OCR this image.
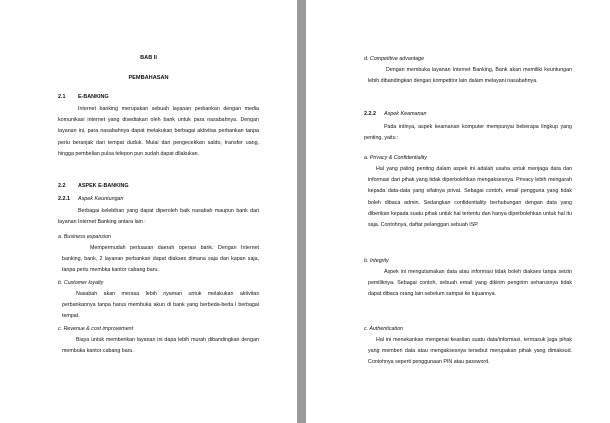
BAB II

PEMBAHASAN

2.1 E-BANKING

Internet banking merupakan sebuah layanan perbankan dengan media komunikasi internet yang disediakan oleh bank untuk para nasabahnya. Dengan layanan ini, para nasabahnya dapat melakukan berbagai aktivitas perbankan tanpa perlu beranjak dari tempat duduk. Mulai dari pengecekkan saldo, transfer uang, hingga pembelian pulsa telepon pun sudah dapat dilakukan.

2.2 ASPEK E-BANKING

2.2.1 Aspek Keuntungan

Berbagai kelebihan yang dapat diperoleh baik nasabah maupun bank dari layanan Internet Banking antara lain :

a. Business expansion

Mempermudah perluasan daerah operasi bank. Dengan Internet banking, bank, 2 layanan perbankan dapat diakses dimana saja dan kapan saja, tanpa perlu membka kantor cabang baru.

b. Customer loyalty

Nasabah akan merasa lebih nyaman untuk melakukan aktivitas perbankannya tanpa harus membuka akun di bank yang berbeda-beda l berbagai tempat.

c. Revenue & cost improvement

Biaya untuk memberikan layanan ini dapa lebih murah dibandingkan dengan membuka kantor cabang baru.

d. Competitive advantage

Dengan membuka layanan Internet Banking, Bank akan memiliki keuntungan lebih dibandingkan dengan kompetitor lain dalam melayani nasabahnya.

2.2.2 Aspek Keamanan

Pada intinya, aspek keamanan komputer mempunyai beberapa lingkup yang penting, yaitu :

a. Privacy & Confidentiality

Hal yang paling penting dalam aspek ini adalah usaha untuk menjaga data dan informasi dari pihak yang tidak diperbolehkan mengaksesnya. Privacy lebih mengarah kepada data-data yang sifatnya privat. Sebagai contoh, email pengguna yang tidak boleh dibaca admin. Sedangkan confidentiality berhubungan dengan data yang diberikan kepada suatu pihak untuk hal tertentu dan hanya diperbolehkan untuk hal itu saja. Contohnya, daftar pelanggan sebuah ISP.

b. Integrity

Aspek ini mengutamakan data atau informasi tidak boleh diakses tanpa seizin pemiliknya. Sebagai contoh, sebuah email yang dikirim pengirim seharusnya tidak dapat dibaca orang lain sebelum sampai ke tujuannya.

c. Authentication

Hal ini menekankan mengenai keaslian suatu data/informasi, termasuk juga pihak yang memberi data atau mengaksesnya tersebut merupakan pihak yang dimaksud. Contohnya seperti penggunaan PIN atau password.
